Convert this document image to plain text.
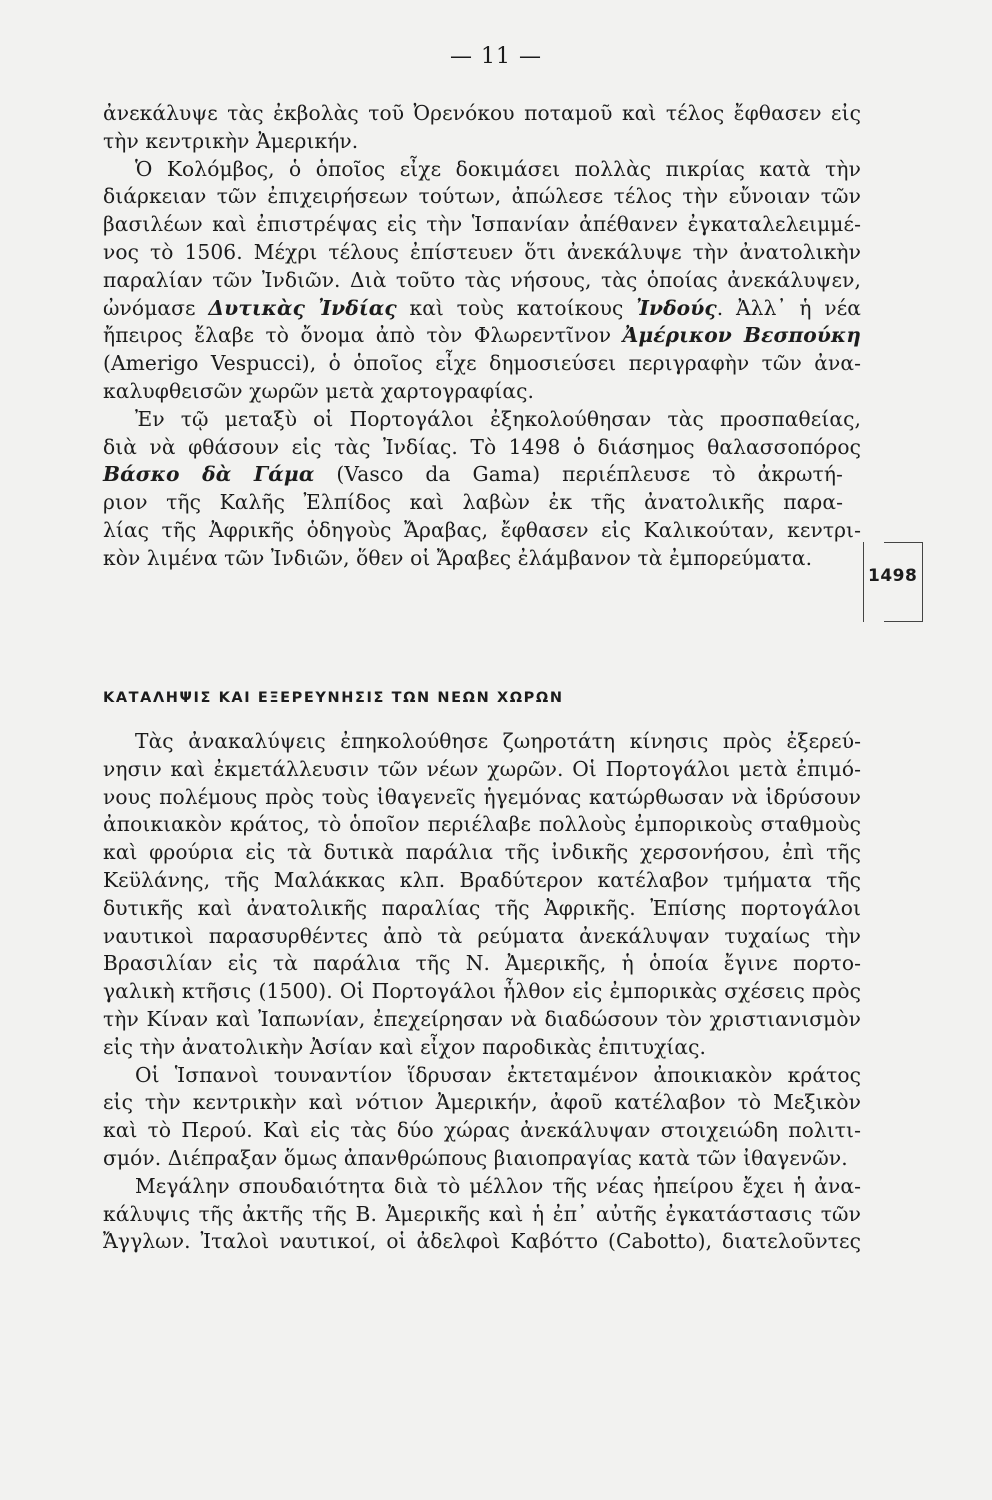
— 11 —
ἀνεκάλυψε τὰς ἐκβολὰς τοῦ Ὀρενόκου ποταμοῦ καὶ τέλος ἔφθασεν εἰς
τὴν κεντρικὴν Ἀμερικήν.
Ὁ Κολόμβος, ὁ ὁποῖος εἶχε δοκιμάσει πολλὰς πικρίας κατὰ τὴν
διάρκειαν τῶν ἐπιχειρήσεων τούτων, ἀπώλεσε τέλος τὴν εὔνοιαν τῶν
βασιλέων καὶ ἐπιστρέψας εἰς τὴν Ἱσπανίαν ἀπέθανεν ἐγκαταλελειμμέ-
νος τὸ 1506. Μέχρι τέλους ἐπίστευεν ὅτι ἀνεκάλυψε τὴν ἀνατολικὴν
παραλίαν τῶν Ἰνδιῶν. Διὰ τοῦτο τὰς νήσους, τὰς ὁποίας ἀνεκάλυψεν,
ὠνόμασε Δυτικὰς Ἰνδίας καὶ τοὺς κατοίκους Ἰνδούς. Ἀλλ᾽ ἡ νέα
ἤπειρος ἔλαβε τὸ ὄνομα ἀπὸ τὸν Φλωρεντῖνον Ἀμέρικον Βεσπούκη
(Amerigo Vespucci), ὁ ὁποῖος εἶχε δημοσιεύσει περιγραφὴν τῶν ἀνα-
καλυφθεισῶν χωρῶν μετὰ χαρτογραφίας.
Ἐν τῷ μεταξὺ οἱ Πορτογάλοι ἐξηκολούθησαν τὰς προσπαθείας,
διὰ νὰ φθάσουν εἰς τὰς Ἰνδίας. Τὸ 1498 ὁ διάσημος θαλασσοπόρος
Βάσκο δὰ Γάμα (Vasco da Gama) περιέπλευσε τὸ ἀκρωτή-
ριον τῆς Καλῆς Ἐλπίδος καὶ λαβὼν ἐκ τῆς ἀνατολικῆς παρα-
λίας τῆς Ἀφρικῆς ὁδηγοὺς Ἄραβας, ἔφθασεν εἰς Καλικούταν, κεντρι-
κὸν λιμένα τῶν Ἰνδιῶν, ὅθεν οἱ Ἄραβες ἐλάμβανον τὰ ἐμπορεύματα.
1498
ΚΑΤΑΛΗΨΙΣ ΚΑΙ ΕΞΕΡΕΥΝΗΣΙΣ ΤΩΝ ΝΕΩΝ ΧΩΡΩΝ
Τὰς ἀνακαλύψεις ἐπηκολούθησε ζωηροτάτη κίνησις πρὸς ἐξερεύ-
νησιν καὶ ἐκμετάλλευσιν τῶν νέων χωρῶν. Οἱ Πορτογάλοι μετὰ ἐπιμό-
νους πολέμους πρὸς τοὺς ἰθαγενεῖς ἡγεμόνας κατώρθωσαν νὰ ἱδρύσουν
ἀποικιακὸν κράτος, τὸ ὁποῖον περιέλαβε πολλοὺς ἐμπορικοὺς σταθμοὺς
καὶ φρούρια εἰς τὰ δυτικὰ παράλια τῆς ἰνδικῆς χερσονήσου, ἐπὶ τῆς
Κεϋλάνης, τῆς Μαλάκκας κλπ. Βραδύτερον κατέλαβον τμήματα τῆς
δυτικῆς καὶ ἀνατολικῆς παραλίας τῆς Ἀφρικῆς. Ἐπίσης πορτογάλοι
ναυτικοὶ παρασυρθέντες ἀπὸ τὰ ρεύματα ἀνεκάλυψαν τυχαίως τὴν
Βρασιλίαν εἰς τὰ παράλια τῆς Ν. Ἀμερικῆς, ἡ ὁποία ἔγινε πορτο-
γαλικὴ κτῆσις (1500). Οἱ Πορτογάλοι ἦλθον εἰς ἐμπορικὰς σχέσεις πρὸς
τὴν Κίναν καὶ Ἰαπωνίαν, ἐπεχείρησαν νὰ διαδώσουν τὸν χριστιανισμὸν
εἰς τὴν ἀνατολικὴν Ἀσίαν καὶ εἶχον παροδικὰς ἐπιτυχίας.
Οἱ Ἱσπανοὶ τουναντίον ἵδρυσαν ἐκτεταμένον ἀποικιακὸν κράτος
εἰς τὴν κεντρικὴν καὶ νότιον Ἀμερικήν, ἀφοῦ κατέλαβον τὸ Μεξικὸν
καὶ τὸ Περού. Καὶ εἰς τὰς δύο χώρας ἀνεκάλυψαν στοιχειώδη πολιτι-
σμόν. Διέπραξαν ὅμως ἀπανθρώπους βιαιοπραγίας κατὰ τῶν ἰθαγενῶν.
Μεγάλην σπουδαιότητα διὰ τὸ μέλλον τῆς νέας ἠπείρου ἔχει ἡ ἀνα-
κάλυψις τῆς ἀκτῆς τῆς Β. Ἀμερικῆς καὶ ἡ ἐπ᾽ αὐτῆς ἐγκατάστασις τῶν
Ἄγγλων. Ἰταλοὶ ναυτικοί, οἱ ἀδελφοὶ Καβόττο (Cabotto), διατελοῦντες
